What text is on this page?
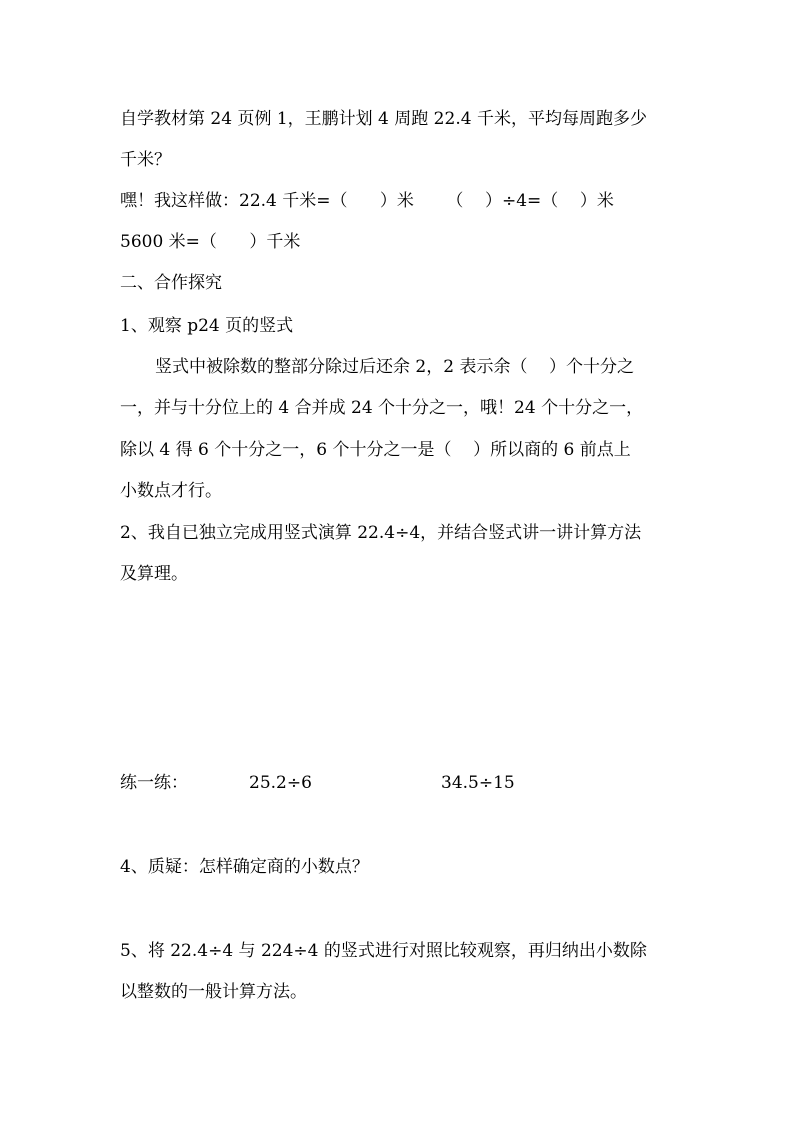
自学教材第 24 页例 1，王鹏计划 4 周跑 22.4 千米，平均每周跑多少
千米？
嘿！我这样做：22.4 千米=（      ）米      （    ）÷4=（    ）米
5600 米=（      ）千米
二、合作探究
1、观察 p24 页的竖式
竖式中被除数的整部分除过后还余 2，2 表示余（    ）个十分之
一，并与十分位上的 4 合并成 24 个十分之一，哦！24 个十分之一，
除以 4 得 6 个十分之一，6 个十分之一是（    ）所以商的 6 前点上
小数点才行。
2、我自已独立完成用竖式演算 22.4÷4，并结合竖式讲一讲计算方法
及算理。
练一练：	25.2÷6	34.5÷15
4、质疑：怎样确定商的小数点？
5、将 22.4÷4 与 224÷4 的竖式进行对照比较观察，再归纳出小数除
以整数的一般计算方法。
